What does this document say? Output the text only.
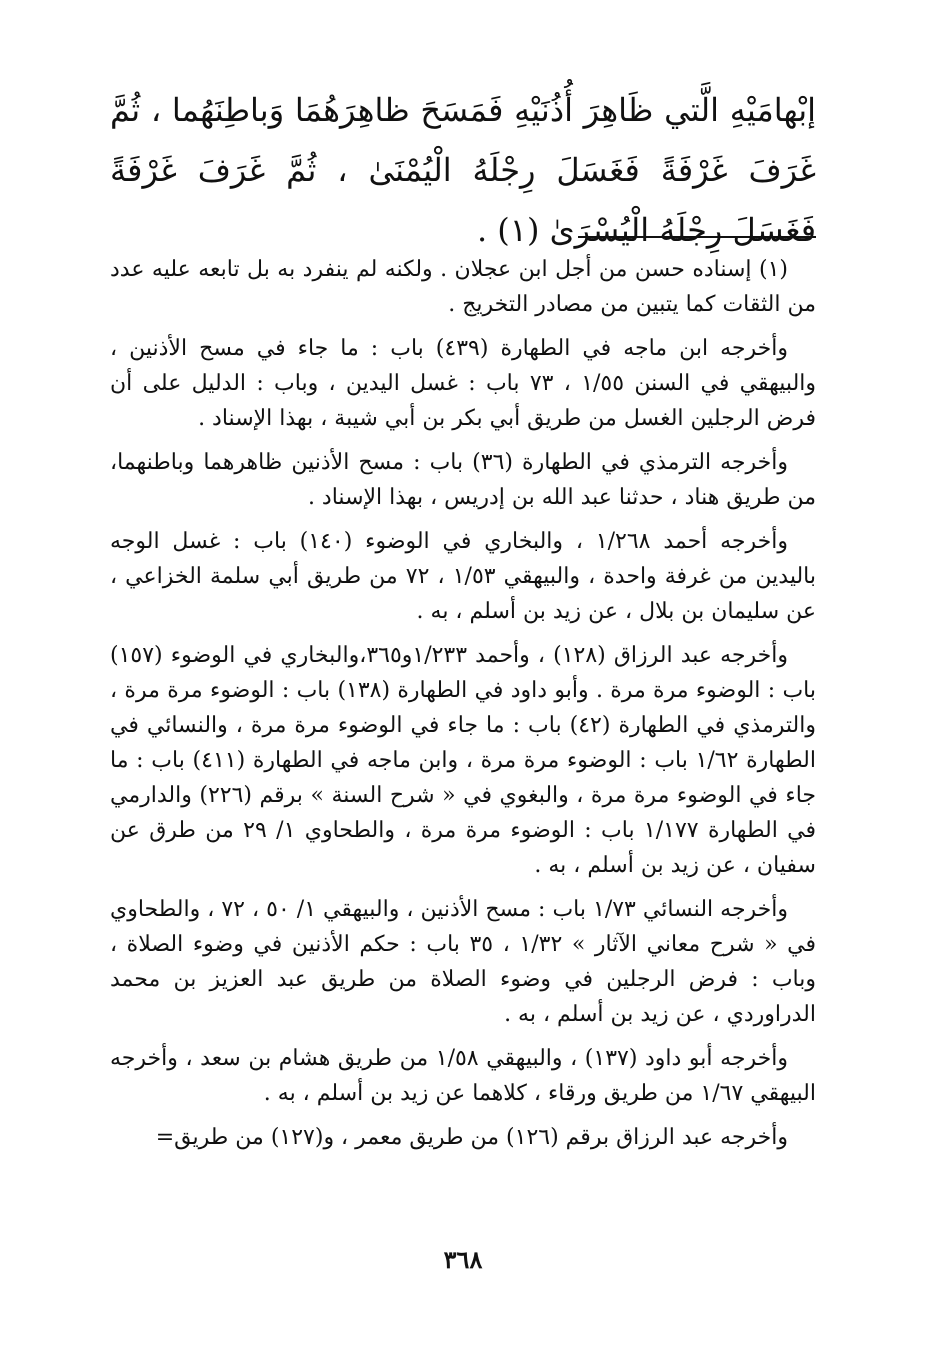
إبْهامَيْهِ الَّتي ظَاهِرَ أُذُنَيْهِ فَمَسَحَ ظاهِرَهُمَا وَباطِنَهُما ، ثُمَّ غَرَفَ غَرْفَةً فَغَسَلَ رِجْلَهُ الْيُمْنَىٰ ، ثُمَّ غَرَفَ غَرْفَةً فَغَسَلَ رِجْلَهُ الْيُسْرَىٰ (١) .

(١) إسناده حسن من أجل ابن عجلان . ولكنه لم ينفرد به بل تابعه عليه عدد من الثقات كما يتبين من مصادر التخريج .

وأخرجه ابن ماجه في الطهارة (٤٣٩) باب : ما جاء في مسح الأذنين ، والبيهقي في السنن ١/٥٥ ، ٧٣ باب : غسل اليدين ، وباب : الدليل على أن فرض الرجلين الغسل من طريق أبي بكر بن أبي شيبة ، بهذا الإسناد .

وأخرجه الترمذي في الطهارة (٣٦) باب : مسح الأذنين ظاهرهما وباطنهما، من طريق هناد ، حدثنا عبد الله بن إدريس ، بهذا الإسناد .

وأخرجه أحمد ١/٢٦٨ ، والبخاري في الوضوء (١٤٠) باب : غسل الوجه باليدين من غرفة واحدة ، والبيهقي ١/٥٣ ، ٧٢ من طريق أبي سلمة الخزاعي ، عن سليمان بن بلال ، عن زيد بن أسلم ، به .

وأخرجه عبد الرزاق (١٢٨) ، وأحمد ١/٢٣٣و٣٦٥،والبخاري في الوضوء (١٥٧) باب : الوضوء مرة مرة . وأبو داود في الطهارة (١٣٨) باب : الوضوء مرة مرة ، والترمذي في الطهارة (٤٢) باب : ما جاء في الوضوء مرة مرة ، والنسائي في الطهارة ١/٦٢ باب : الوضوء مرة مرة ، وابن ماجه في الطهارة (٤١١) باب : ما جاء في الوضوء مرة مرة ، والبغوي في « شرح السنة » برقم (٢٢٦) والدارمي في الطهارة ١/١٧٧ باب : الوضوء مرة مرة ، والطحاوي ١/ ٢٩ من طرق عن سفيان ، عن زيد بن أسلم ، به .

وأخرجه النسائي ١/٧٣ باب : مسح الأذنين ، والبيهقي ١/ ٥٠ ، ٧٢ ، والطحاوي في « شرح معاني الآثار » ١/٣٢ ، ٣٥ باب : حكم الأذنين في وضوء الصلاة ، وباب : فرض الرجلين في وضوء الصلاة من طريق عبد العزيز بن محمد الدراوردي ، عن زيد بن أسلم ، به .

وأخرجه أبو داود (١٣٧) ، والبيهقي ١/٥٨ من طريق هشام بن سعد ، وأخرجه البيهقي ١/٦٧ من طريق ورقاء ، كلاهما عن زيد بن أسلم ، به .

وأخرجه عبد الرزاق برقم (١٢٦) من طريق معمر ، و(١٢٧) من طريق=

٣٦٨
